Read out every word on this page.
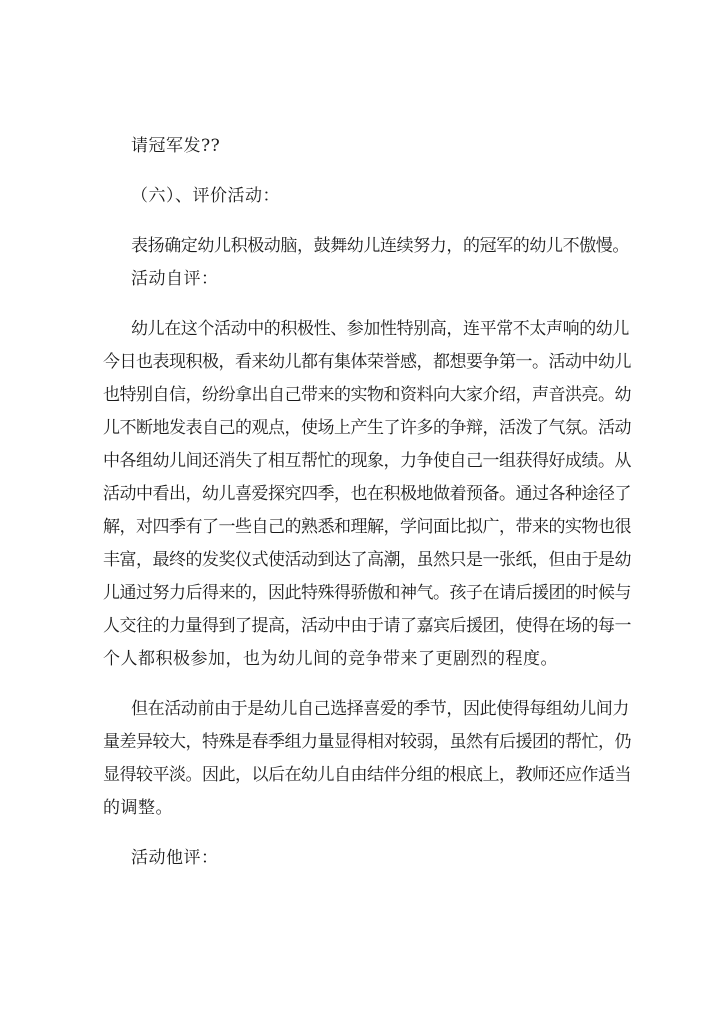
请冠军发??
（六）、评价活动：
表扬确定幼儿积极动脑，鼓舞幼儿连续努力，的冠军的幼儿不傲慢。
活动自评：
幼儿在这个活动中的积极性、参加性特别高，连平常不太声响的幼儿
今日也表现积极，看来幼儿都有集体荣誉感，都想要争第一。活动中幼儿
也特别自信，纷纷拿出自己带来的实物和资料向大家介绍，声音洪亮。幼
儿不断地发表自己的观点，使场上产生了许多的争辩，活泼了气氛。活动
中各组幼儿间还消失了相互帮忙的现象，力争使自己一组获得好成绩。从
活动中看出，幼儿喜爱探究四季，也在积极地做着预备。通过各种途径了
解，对四季有了一些自己的熟悉和理解，学问面比拟广，带来的实物也很
丰富，最终的发奖仪式使活动到达了高潮，虽然只是一张纸，但由于是幼
儿通过努力后得来的，因此特殊得骄傲和神气。孩子在请后援团的时候与
人交往的力量得到了提高，活动中由于请了嘉宾后援团，使得在场的每一
个人都积极参加，也为幼儿间的竞争带来了更剧烈的程度。
但在活动前由于是幼儿自己选择喜爱的季节，因此使得每组幼儿间力
量差异较大，特殊是春季组力量显得相对较弱，虽然有后援团的帮忙，仍
显得较平淡。因此，以后在幼儿自由结伴分组的根底上，教师还应作适当
的调整。
活动他评：
